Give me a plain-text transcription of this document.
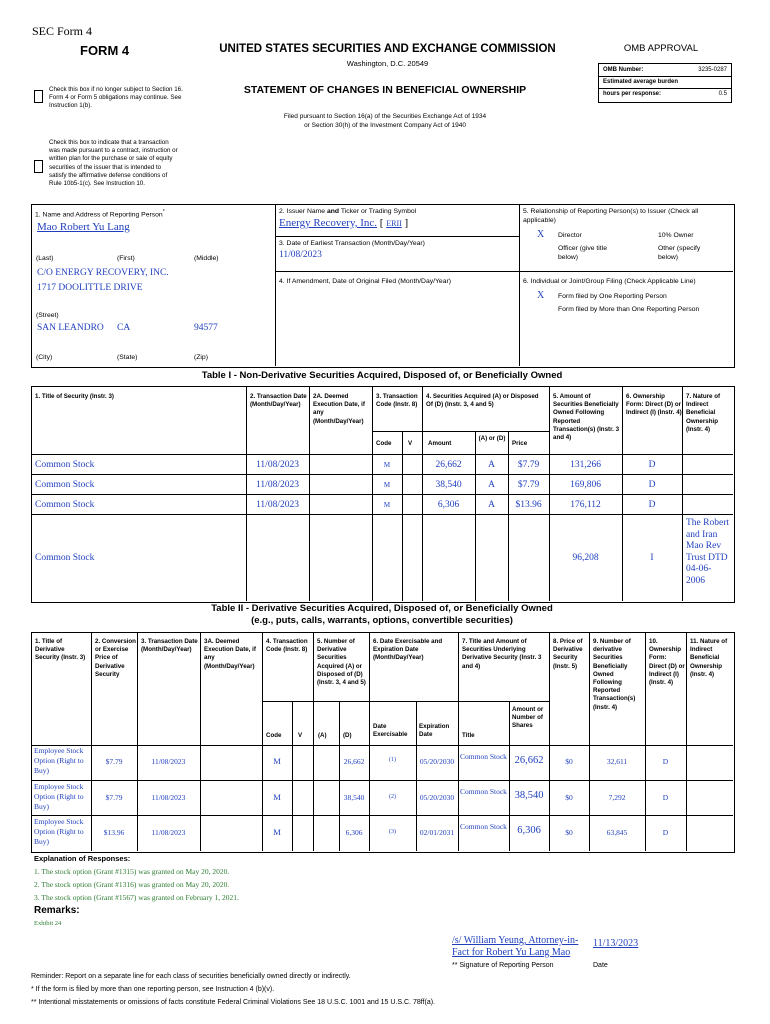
SEC Form 4
FORM 4	UNITED STATES SECURITIES AND EXCHANGE COMMISSION
Washington, D.C. 20549
OMB APPROVAL
OMB Number:	3235-0287
Estimated average burden
hours per response:	0.5
Check this box if no longer subject to Section 16. Form 4 or Form 5 obligations may continue. See Instruction 1(b).
STATEMENT OF CHANGES IN BENEFICIAL OWNERSHIP
Filed pursuant to Section 16(a) of the Securities Exchange Act of 1934
or Section 30(h) of the Investment Company Act of 1940
Check this box to indicate that a transaction was made pursuant to a contract, instruction or written plan for the purchase or sale of equity securities of the issuer that is intended to satisfy the affirmative defense conditions of Rule 10b5-1(c). See Instruction 10.
1. Name and Address of Reporting Person*
Mao Robert Yu Lang
(Last)	(First)	(Middle)
C/O ENERGY RECOVERY, INC.
1717 DOOLITTLE DRIVE
(Street)
SAN LEANDRO CA	94577
(City)	(State)	(Zip)
2. Issuer Name and Ticker or Trading Symbol
Energy Recovery, Inc. [ ERII ]
3. Date of Earliest Transaction (Month/Day/Year)
11/08/2023
4. If Amendment, Date of Original Filed (Month/Day/Year)
5. Relationship of Reporting Person(s) to Issuer (Check all applicable)
X Director	10% Owner
Officer (give title below)
Other (specify below)
6. Individual or Joint/Group Filing (Check Applicable Line)
X Form filed by One Reporting Person
Form filed by More than One Reporting Person
Table I - Non-Derivative Securities Acquired, Disposed of, or Beneficially Owned
1. Title of Security (Instr. 3)	2. Transaction Date (Month/Day/Year)
2A. Deemed Execution Date, if any (Month/Day/Year)
3. Transaction Code (Instr. 8)
4. Securities Acquired (A) or Disposed Of (D) (Instr. 3, 4 and 5)
5. Amount of Securities Beneficially Owned Following Reported Transaction(s) (Instr. 3 and 4)
6. Ownership Form: Direct (D) or Indirect (I) (Instr. 4)
7. Nature of Indirect Beneficial Ownership (Instr. 4)
Code	V	Amount
(A) or (D)
Price
Common Stock	11/08/2023	M	26,662	A	$7.79	131,266	D
Common Stock	11/08/2023	M	38,540	A	$7.79	169,806	D
Common Stock	11/08/2023	M	6,306	A	$13.96	176,112	D
Common Stock	96,208	I
The Robert and Iran Mao Rev Trust DTD 04-06-2006
Table II - Derivative Securities Acquired, Disposed of, or Beneficially Owned
(e.g., puts, calls, warrants, options, convertible securities)
1. Title of Derivative Security (Instr. 3)
2. Conversion or Exercise Price of Derivative Security
3. Transaction Date (Month/Day/Year)
3A. Deemed Execution Date, if any (Month/Day/Year)
4. Transaction Code (Instr. 8)
5. Number of Derivative Securities Acquired (A) or Disposed of (D) (Instr. 3, 4 and 5)
6. Date Exercisable and Expiration Date (Month/Day/Year)
7. Title and Amount of Securities Underlying Derivative Security (Instr. 3 and 4)
8. Price of Derivative Security (Instr. 5)
9. Number of derivative Securities Beneficially Owned Following Reported Transaction(s) (Instr. 4)
10. Ownership Form: Direct (D) or Indirect (I) (Instr. 4)
11. Nature of Indirect Beneficial Ownership (Instr. 4)
Code	V	(A)	(D)
Date Exercisable
Expiration Date	Title
Amount or Number of Shares
Employee Stock Option (Right to Buy)
$7.79	11/08/2023	M	26,662	(1)	05/20/2030
Common Stock 26,662	$0	32,611	D
Employee Stock Option (Right to Buy)
$7.79	11/08/2023	M	38,540	(2)	05/20/2030
Common Stock 38,540	$0	7,292	D
Employee Stock Option (Right to Buy)
$13.96	11/08/2023	M	6,306	(3)	02/01/2031
Common Stock 6,306	$0	63,845	D
Explanation of Responses:
1. The stock option (Grant #1315) was granted on May 20, 2020.
2. The stock option (Grant #1316) was granted on May 20, 2020.
3. The stock option (Grant #1567) was granted on February 1, 2021.
Remarks:
Exhibit 24
/s/ William Yeung, Attorney-in-
Fact for Robert Yu Lang Mao
11/13/2023
** Signature of Reporting Person	Date
Reminder: Report on a separate line for each class of securities beneficially owned directly or indirectly.
* If the form is filed by more than one reporting person, see Instruction 4 (b)(v).
** Intentional misstatements or omissions of facts constitute Federal Criminal Violations See 18 U.S.C. 1001 and 15 U.S.C. 78ff(a).
